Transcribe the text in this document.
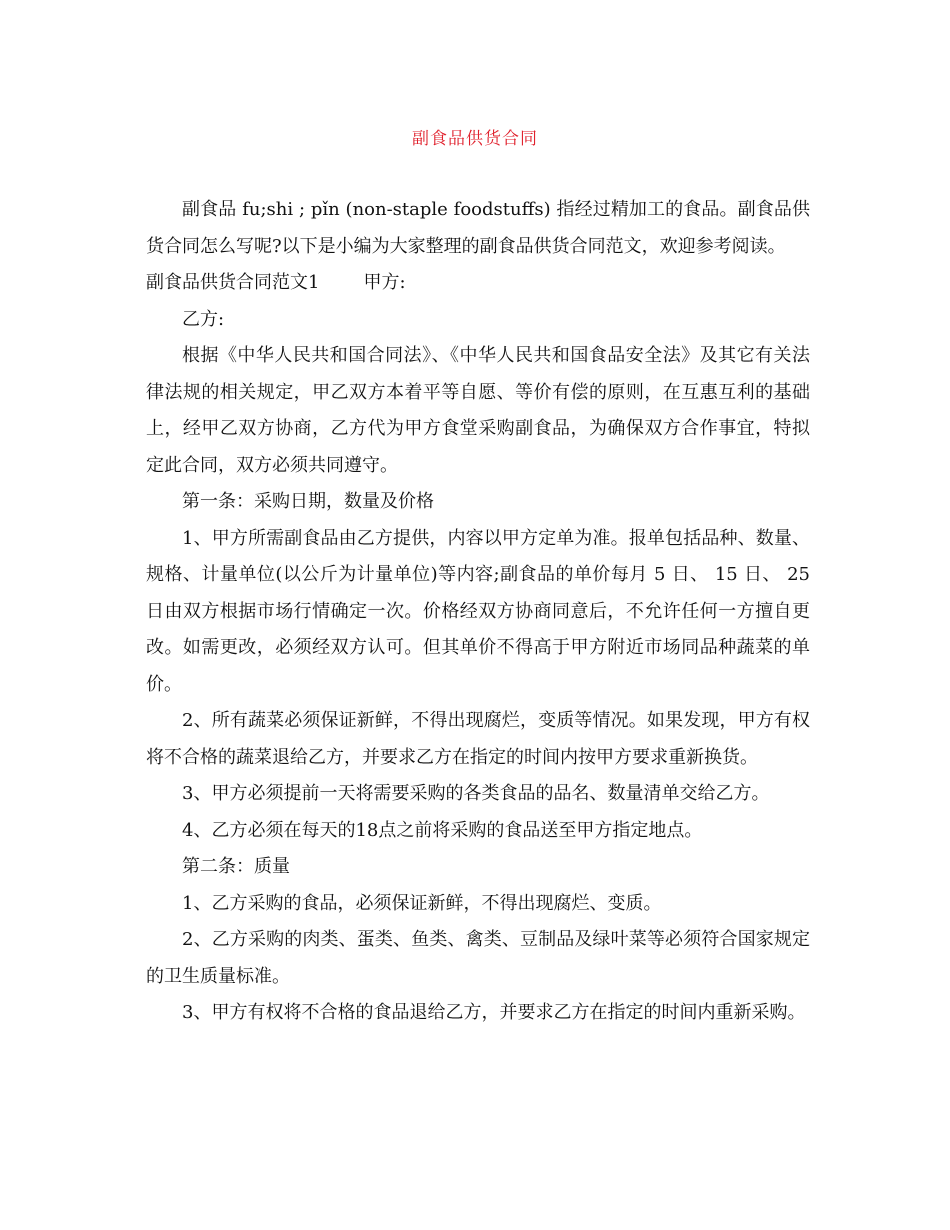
副食品供货合同

副食品 fu;shi ; pǐn (non-staple foodstuffs) 指经过精加工的食品。副食品供货合同怎么写呢?以下是小编为大家整理的副食品供货合同范文，欢迎参考阅读。

副食品供货合同范文1 甲方:

乙方:

根据《中华人民共和国合同法》、《中华人民共和国食品安全法》及其它有关法律法规的相关规定，甲乙双方本着平等自愿、等价有偿的原则，在互惠互利的基础上，经甲乙双方协商，乙方代为甲方食堂采购副食品，为确保双方合作事宜，特拟定此合同，双方必须共同遵守。

第一条：采购日期，数量及价格

1、甲方所需副食品由乙方提供，内容以甲方定单为准。报单包括品种、数量、规格、计量单位(以公斤为计量单位)等内容;副食品的单价每月 5 日、 15 日、 25 日由双方根据市场行情确定一次。价格经双方协商同意后，不允许任何一方擅自更改。如需更改，必须经双方认可。但其单价不得高于甲方附近市场同品种蔬菜的单价。

2、所有蔬菜必须保证新鲜，不得出现腐烂，变质等情况。如果发现，甲方有权将不合格的蔬菜退给乙方，并要求乙方在指定的时间内按甲方要求重新换货。

3、甲方必须提前一天将需要采购的各类食品的品名、数量清单交给乙方。

4、乙方必须在每天的18点之前将采购的食品送至甲方指定地点。

第二条：质量

1、乙方采购的食品，必须保证新鲜，不得出现腐烂、变质。

2、乙方采购的肉类、蛋类、鱼类、禽类、豆制品及绿叶菜等必须符合国家规定的卫生质量标准。

3、甲方有权将不合格的食品退给乙方，并要求乙方在指定的时间内重新采购。
